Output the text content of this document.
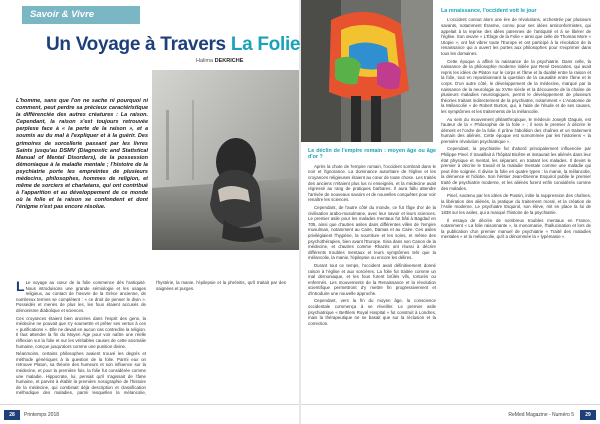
Savoir & Vivre
Un Voyage à Travers La Folie
Halima DEKRICHE
L'homme, sans que l'on ne sache ni pourquoi ni comment, peut perdre sa précieux caractéristique la différenciée des autres créatures : La raison. Cependant, la raison s'est toujours retrouvée perplexe face à « la perte de la raison », et a soumis au du mal à l'expliquer et à la guérir. Des grimoires de sorcellerie passant par les livres Saints jusqu'au DSMV (Diagnostic and Statistical Manual of Mental Disorders), de la possession démoniaque à la maladie mentale ; l'histoire de la psychiatrie porte les empreintes de plusieurs médecins, philosophes, hommes de religion, et même de sorciers et charlatans, qui ont contribué à l'apparition et au développement de ce monde où la folie et la raison se confondent et dont l'énigme n'est pas encore résolue.

L Le voyage au cœur de la folie commence dès l'antiquité. Nous introduisons une grande sémiologie et les usages religieux, au contact de l'œuvre de la Grèce ancienne, de nombreux termes se complètent : « ce droit de penser le divin ». Possédés et menés de plus les, les fous étaient accusés de démonisme diabolique et sciences.

Ces croyances étaient bien ancrées dans l'esprit des gens, la médecine ne pouvait que s'y soumettre et prêter ses vertus à ces « purifications ». Elle ne devait en aucun cas contredire la religion. Il faut attendre la fin du Moyen Âge pour voir naître une réelle réflexion sur la folie et sur les véritables causes de cette anomalie humaine, conçue jusqu'alors comme une punition divine.

Néanmoins, certains philosophes avaient trouvé les degrés et méthode génériques à la question de la folie. Parmi eux on retrouve Platon, sa théorie des humeurs et son influence sur la médecine, et pour la première fois, la folie fut considérée comme une maladie. Hippocrate, lui, pensait qu'il s'agissait de l'âme humaine, et parvint à établir la première nosographie de l'histoire de la médecine, qui combinait déjà description et classification méthodique des maladies, parmi lesquelles la mélancolie, l'hystérie, la manie, l'épilepsie et la phrénitis, qu'il traitait par des saignées et purges.

28	Printemps 2018
Le déclin de l'empire romain : moyen âge ou âge d'or ?

Après la chute de l'empire romain, l'occident sombrait dans le noir et l'ignorance. La dominance autoritaire de l'église et les croyances religieuses étaient au cœur de toute chose. Les traités des anciens n'étaient plus lus ni enseignés, et la médecine avait régressé au rang de pratiques barbares. Il aura fallu attendre l'arrivée de nouveaux savoirs et de nouvelles conquêtes pour voir renaître les sciences.

Cependant, de l'autre côté du monde, ce fut l'âge d'or de la civilisation arabo-musulmane, avec leur savoir et leurs sciences. Le premier asile pour les malades mentaux fut bâti à Bagdad en 705, ainsi que d'autres asiles dans différentes villes de l'empire musulman, notamment au Caire, Damas et au Caire. Ces asiles privilégiaient l'hygiène, la nourriture et les soins, et même des psychothérapies, bien avant l'Europe. Sina dans son Canon de la médecine, et d'autres comme Rhazès ont réussi à décrire différents troubles mentaux et leurs symptômes tels que la mélancolie, la manie, l'épilepsie ou encore les délires.

Durant tout ce temps, l'occident avait définitivement donné raison à l'église et aux sorcières. La folie fut traitée comme un mal démoniaque, et les fous furent brûlés vifs, torturés ou enfermés. Les mouvements de la Renaissance et la révolution scientifique permettront d'y mettre fin progressivement et d'introduire une nouvelle approche.

Cependant, vers la fin du moyen âge, la conscience occidentale commença à se réveiller. Le premier asile psychiatrique « Bethlem Royal Hospital » fut construit à Londres, mais la thérapeutique ne se basait que sur la réclusion et la correction.

La renaissance, l'occident voit le jour

L'occident connut alors une ère de révolutions, orchestrée par plusieurs savants, notamment Érasme, connu pour ses idées anticonformistes, qui appelait à la reprise des idées païennes de l'antiquité et à se libérer de l'église. Son œuvre « L'Éloge de la Folie » ainsi que celle de Thomas More « Utopie », ont fait vibrer toute l'Europe et ont participé à la révolution de la renaissance qui a ouvert les portes aux philosophes pour s'exprimer dans tous les domaines.

Cette époque a affiné la naissance de la psychiatrie. Dans celle, la naissance de la philosophie moderne initiée par René Descartes, qui avait repris les idées de Platon sur le corps et l'âme et la dualité entre la raison et la folie, tout en repositionnant la question de la causalité entre l'âme et le corps. D'un autre côté, le développement de la médecine, marqué par la naissance de la neurologie au XVIIe siècle et la découverte de la chaîne de plusieurs maladies neurologiques, permit le développement de plusieurs théories traitant indirectement de la psychiatrie, notamment « L'Anatomie de la Mélancolie » de Robert Burton, qui, à l'aide de l'étude et de ses causes, les symptômes et les traitements de la mélancolie.

Au sein du mouvement philanthropique, le médecin Joseph Daquin, est l'auteur de la « Philosophie de la folie » ; il sera le premier à décrire le dément et l'ordre de la folie. Il prône l'abolition des chaînes et un traitement humain des aliénés. Cette époque est surnommée par les historiens « la première révolution psychiatrique ».

Cependant, la psychiatrie fut d'abord principalement influencée par Philippe Pinel. Il travaillait à l'hôpital Bicêtre et instaurait les aliénés dans leur état physique et mental, les séparant, en traitant les malades. Il devint le premier à décrire le travail et la maladie mentale comme une maladie qui peut être soignée. Il divise la folie en quatre types : la manie, la mélancolie, la démence et l'idiotie. Son héritier Jean-Étienne Esquirol publie le premier traité de psychiatrie moderne, et les aliénés furent enfin considérés comme des malades.

Pinel, soutenu par les idées de Pussin, initie la suppression des chaînes, la libération des aliénés, la pratique du traitement moral, et la création de l'Asile moderne. Le psychiatre Esquirol, son élève, mit en place la loi de 1838 sur les asiles, qui a marqué l'histoire de la psychiatrie.

Il essaya de décrire de nombreux troubles mentaux en France, notamment « La folie raisonnante », la monomanie, l'hallucination et lors de la publication d'un premier manuel de psychiatrie « Traité des maladies mentales » et la mélancolie, qu'il a dénommée la « lypémanie ».

ReMed Magazine - Numéro 5	29
